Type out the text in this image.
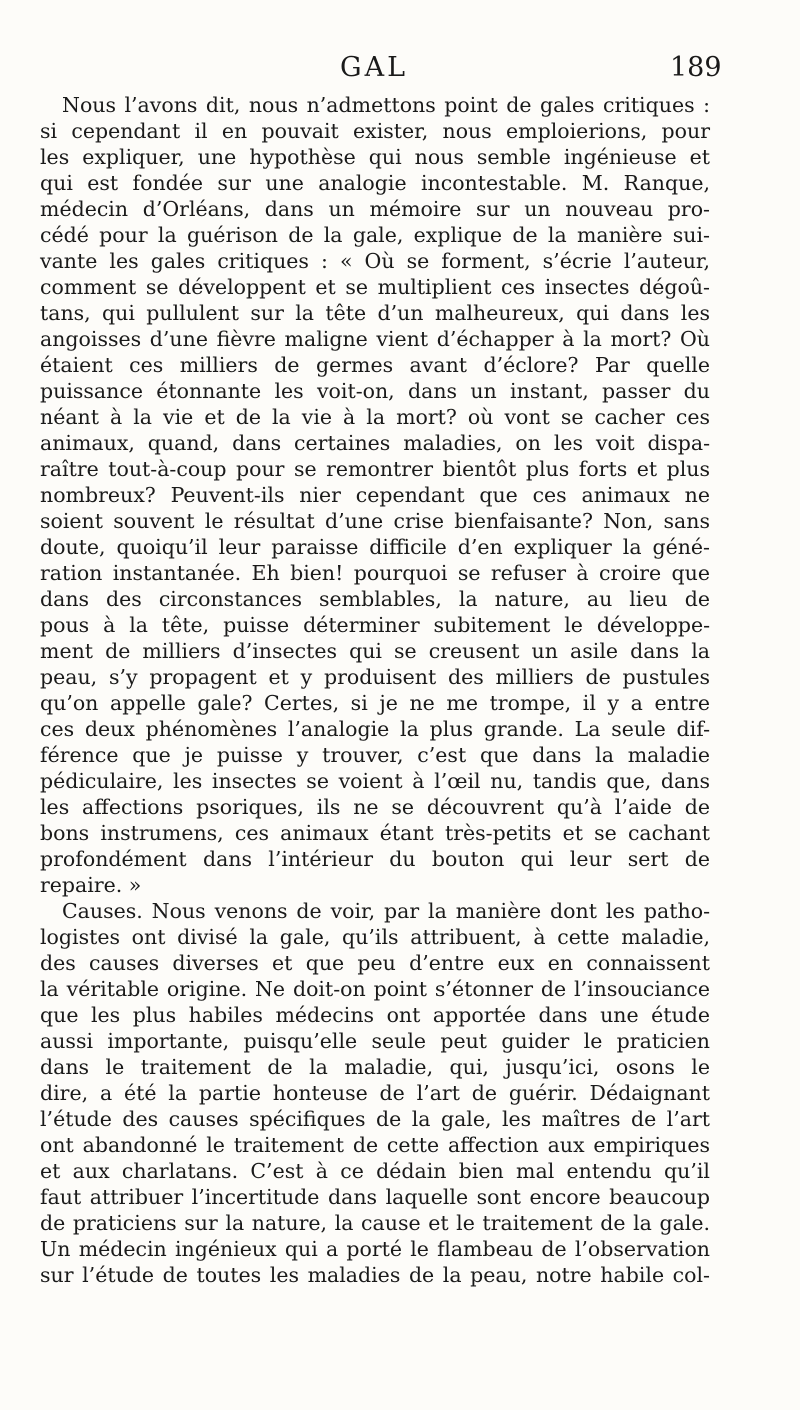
GAL	189
Nous l’avons dit, nous n’admettons point de gales critiques :
si cependant il en pouvait exister, nous emploierions, pour
les expliquer, une hypothèse qui nous semble ingénieuse et
qui est fondée sur une analogie incontestable. M. Ranque,
médecin d’Orléans, dans un mémoire sur un nouveau pro-
cédé pour la guérison de la gale, explique de la manière sui-
vante les gales critiques : « Où se forment, s’écrie l’auteur,
comment se développent et se multiplient ces insectes dégoû-
tans, qui pullulent sur la tête d’un malheureux, qui dans les
angoisses d’une fièvre maligne vient d’échapper à la mort? Où
étaient ces milliers de germes avant d’éclore? Par quelle
puissance étonnante les voit-on, dans un instant, passer du
néant à la vie et de la vie à la mort? où vont se cacher ces
animaux, quand, dans certaines maladies, on les voit dispa-
raître tout-à-coup pour se remontrer bientôt plus forts et plus
nombreux? Peuvent-ils nier cependant que ces animaux ne
soient souvent le résultat d’une crise bienfaisante? Non, sans
doute, quoiqu’il leur paraisse difficile d’en expliquer la géné-
ration instantanée. Eh bien! pourquoi se refuser à croire que
dans des circonstances semblables, la nature, au lieu de
pous à la tête, puisse déterminer subitement le développe-
ment de milliers d’insectes qui se creusent un asile dans la
peau, s’y propagent et y produisent des milliers de pustules
qu’on appelle gale? Certes, si je ne me trompe, il y a entre
ces deux phénomènes l’analogie la plus grande. La seule dif-
férence que je puisse y trouver, c’est que dans la maladie
pédiculaire, les insectes se voient à l’œil nu, tandis que, dans
les affections psoriques, ils ne se découvrent qu’à l’aide de
bons instrumens, ces animaux étant très-petits et se cachant
profondément dans l’intérieur du bouton qui leur sert de
repaire. »
Causes. Nous venons de voir, par la manière dont les patho-
logistes ont divisé la gale, qu’ils attribuent, à cette maladie,
des causes diverses et que peu d’entre eux en connaissent
la véritable origine. Ne doit-on point s’étonner de l’insouciance
que les plus habiles médecins ont apportée dans une étude
aussi importante, puisqu’elle seule peut guider le praticien
dans le traitement de la maladie, qui, jusqu’ici, osons le
dire, a été la partie honteuse de l’art de guérir. Dédaignant
l’étude des causes spécifiques de la gale, les maîtres de l’art
ont abandonné le traitement de cette affection aux empiriques
et aux charlatans. C’est à ce dédain bien mal entendu qu’il
faut attribuer l’incertitude dans laquelle sont encore beaucoup
de praticiens sur la nature, la cause et le traitement de la gale.
Un médecin ingénieux qui a porté le flambeau de l’observation
sur l’étude de toutes les maladies de la peau, notre habile col-
